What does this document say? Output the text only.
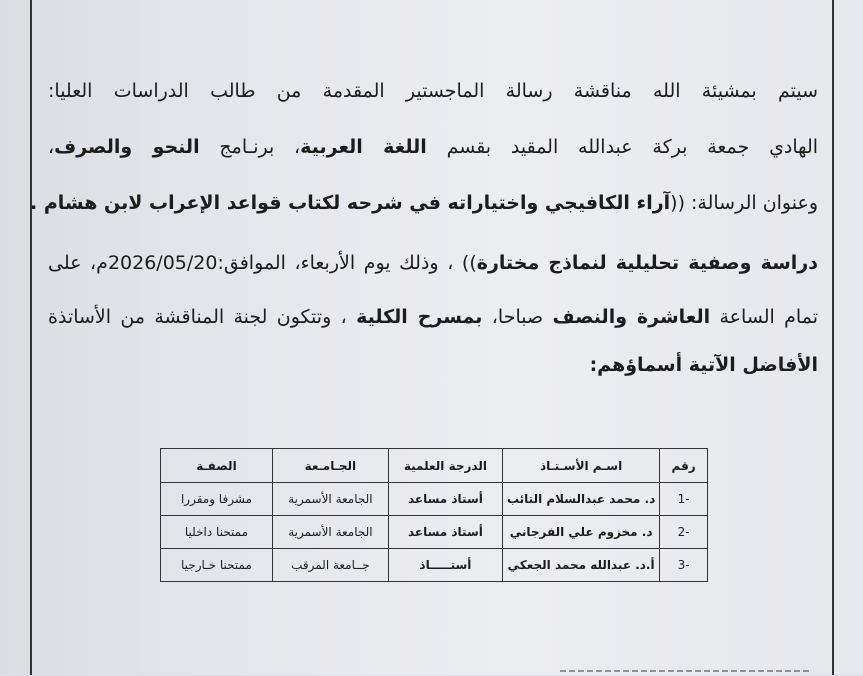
سيتم بمشيئة الله مناقشة رسالة الماجستير المقدمة من طالب الدراسات العليا:
الهادي جمعة بركة عبدالله المقيد بقسم اللغة العربية، برنـامج النحو والصرف،
وعنوان الرسالة: ((آراء الكافيجي واختياراته في شرحه لكتاب قواعد الإعراب لابن هشام .
دراسة وصفية تحليلية لنماذج مختارة)) ، وذلك يوم الأربعاء، الموافق:2026/05/20م، على
تمام الساعة العاشرة والنصف صباحا، بمسرح الكلية ، وتتكون لجنة المناقشة من الأساتذة
الأفاضل الآتية أسماؤهم:
رقم	اسـم الأسـتـاذ	الدرجة العلمية	الجـامـعة	الصفـة
1-	د. محمد عبدالسلام التائب	أستاذ مساعد	الجامعة الأسمرية	مشرفا ومقررا
2-	د. مخزوم علي الفرجاني	أستاذ مساعد	الجامعة الأسمرية	ممتحنا داخليا
3-	أ.د. عبدالله محمد الجعكي	أستـــــاذ	جــامعة المرقب	ممتحنا خـارجيا
